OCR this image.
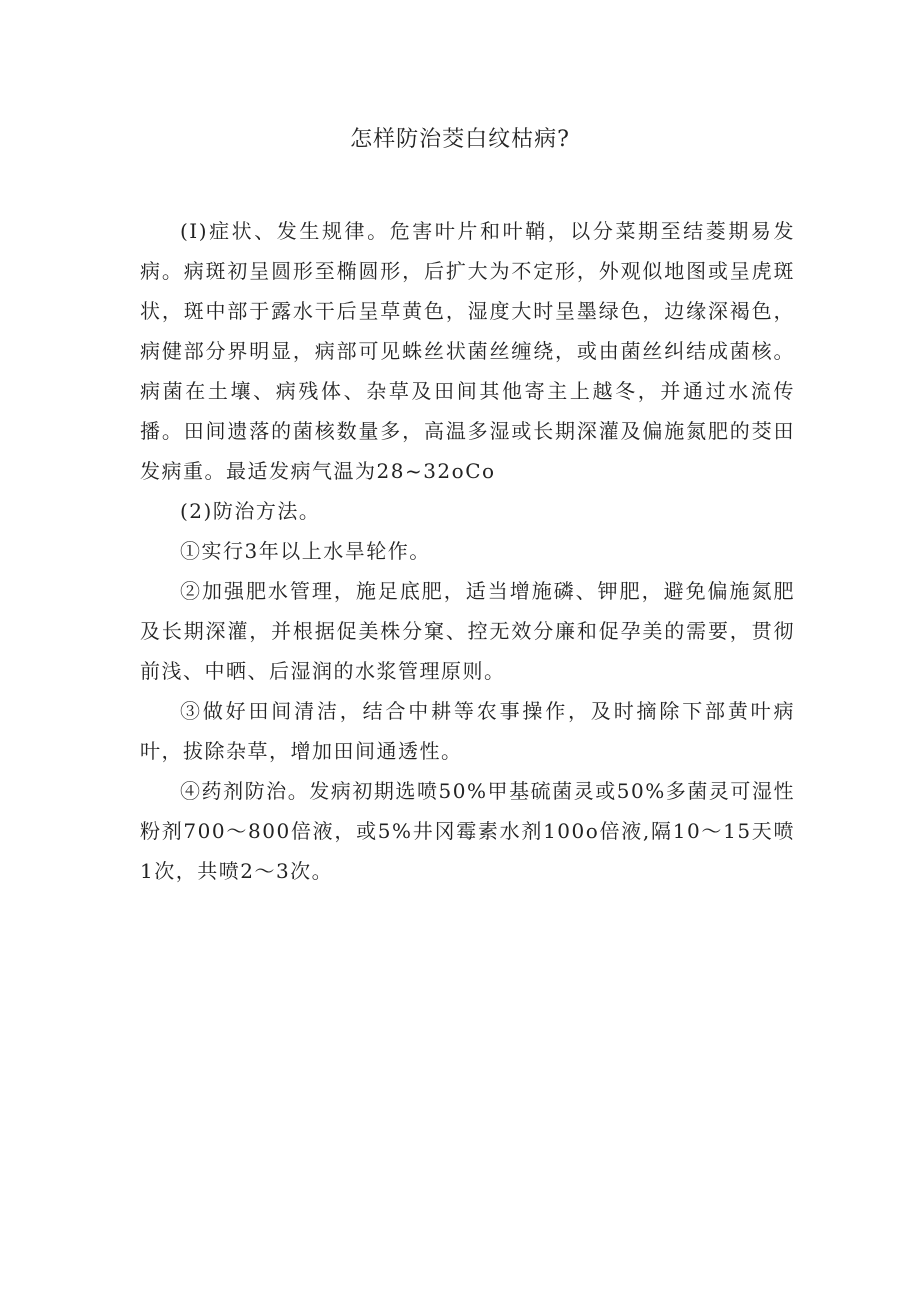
怎样防治茭白纹枯病?

(I)症状、发生规律。危害叶片和叶鞘，以分菜期至结菱期易发病。病斑初呈圆形至椭圆形，后扩大为不定形，外观似地图或呈虎斑状，斑中部于露水干后呈草黄色，湿度大时呈墨绿色，边缘深褐色，病健部分界明显，病部可见蛛丝状菌丝缠绕，或由菌丝纠结成菌核。病菌在土壤、病残体、杂草及田间其他寄主上越冬，并通过水流传播。田间遗落的菌核数量多，高温多湿或长期深灌及偏施氮肥的茭田发病重。最适发病气温为28~32oCo

(2)防治方法。

①实行3年以上水旱轮作。

②加强肥水管理，施足底肥，适当增施磷、钾肥，避免偏施氮肥及长期深灌，并根据促美株分窠、控无效分廉和促孕美的需要，贯彻前浅、中晒、后湿润的水浆管理原则。

③做好田间清洁，结合中耕等农事操作，及时摘除下部黄叶病叶，拔除杂草，增加田间通透性。

④药剂防治。发病初期选喷50%甲基硫菌灵或50%多菌灵可湿性粉剂700～800倍液，或5%井冈霉素水剂100o倍液,隔10～15天喷1次，共喷2～3次。
